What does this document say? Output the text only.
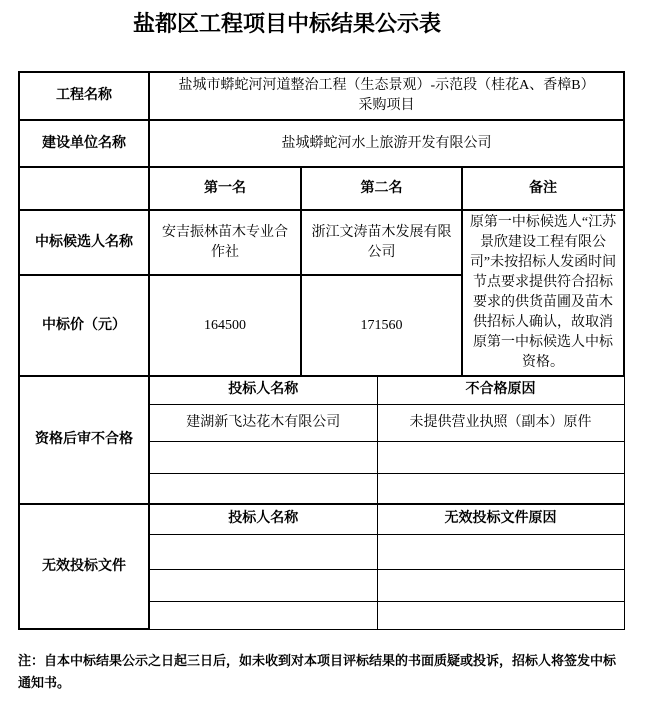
盐都区工程项目中标结果公示表
工程名称	盐城市蟒蛇河河道整治工程（生态景观）-示范段（桂花A、香樟B）采购项目			
建设单位名称	盐城蟒蛇河水上旅游开发有限公司			
	第一名	第二名		备注
中标候选人名称	安吉振林苗木专业合作社	浙江文涛苗木发展有限公司		原第一中标候选人“江苏景欣建设工程有限公司”未按招标人发函时间节点要求提供符合招标要求的供货苗圃及苗木供招标人确认，故取消原第一中标候选人中标资格。
中标价（元）	164500	171560		
资格后审不合格	投标人名称		不合格原因	
	建湖新飞达花木有限公司		未提供营业执照（副本）原件	

无效投标文件	投标人名称		无效投标文件原因	

注：自本中标结果公示之日起三日后，如未收到对本项目评标结果的书面质疑或投诉，招标人将签发中标通知书。
